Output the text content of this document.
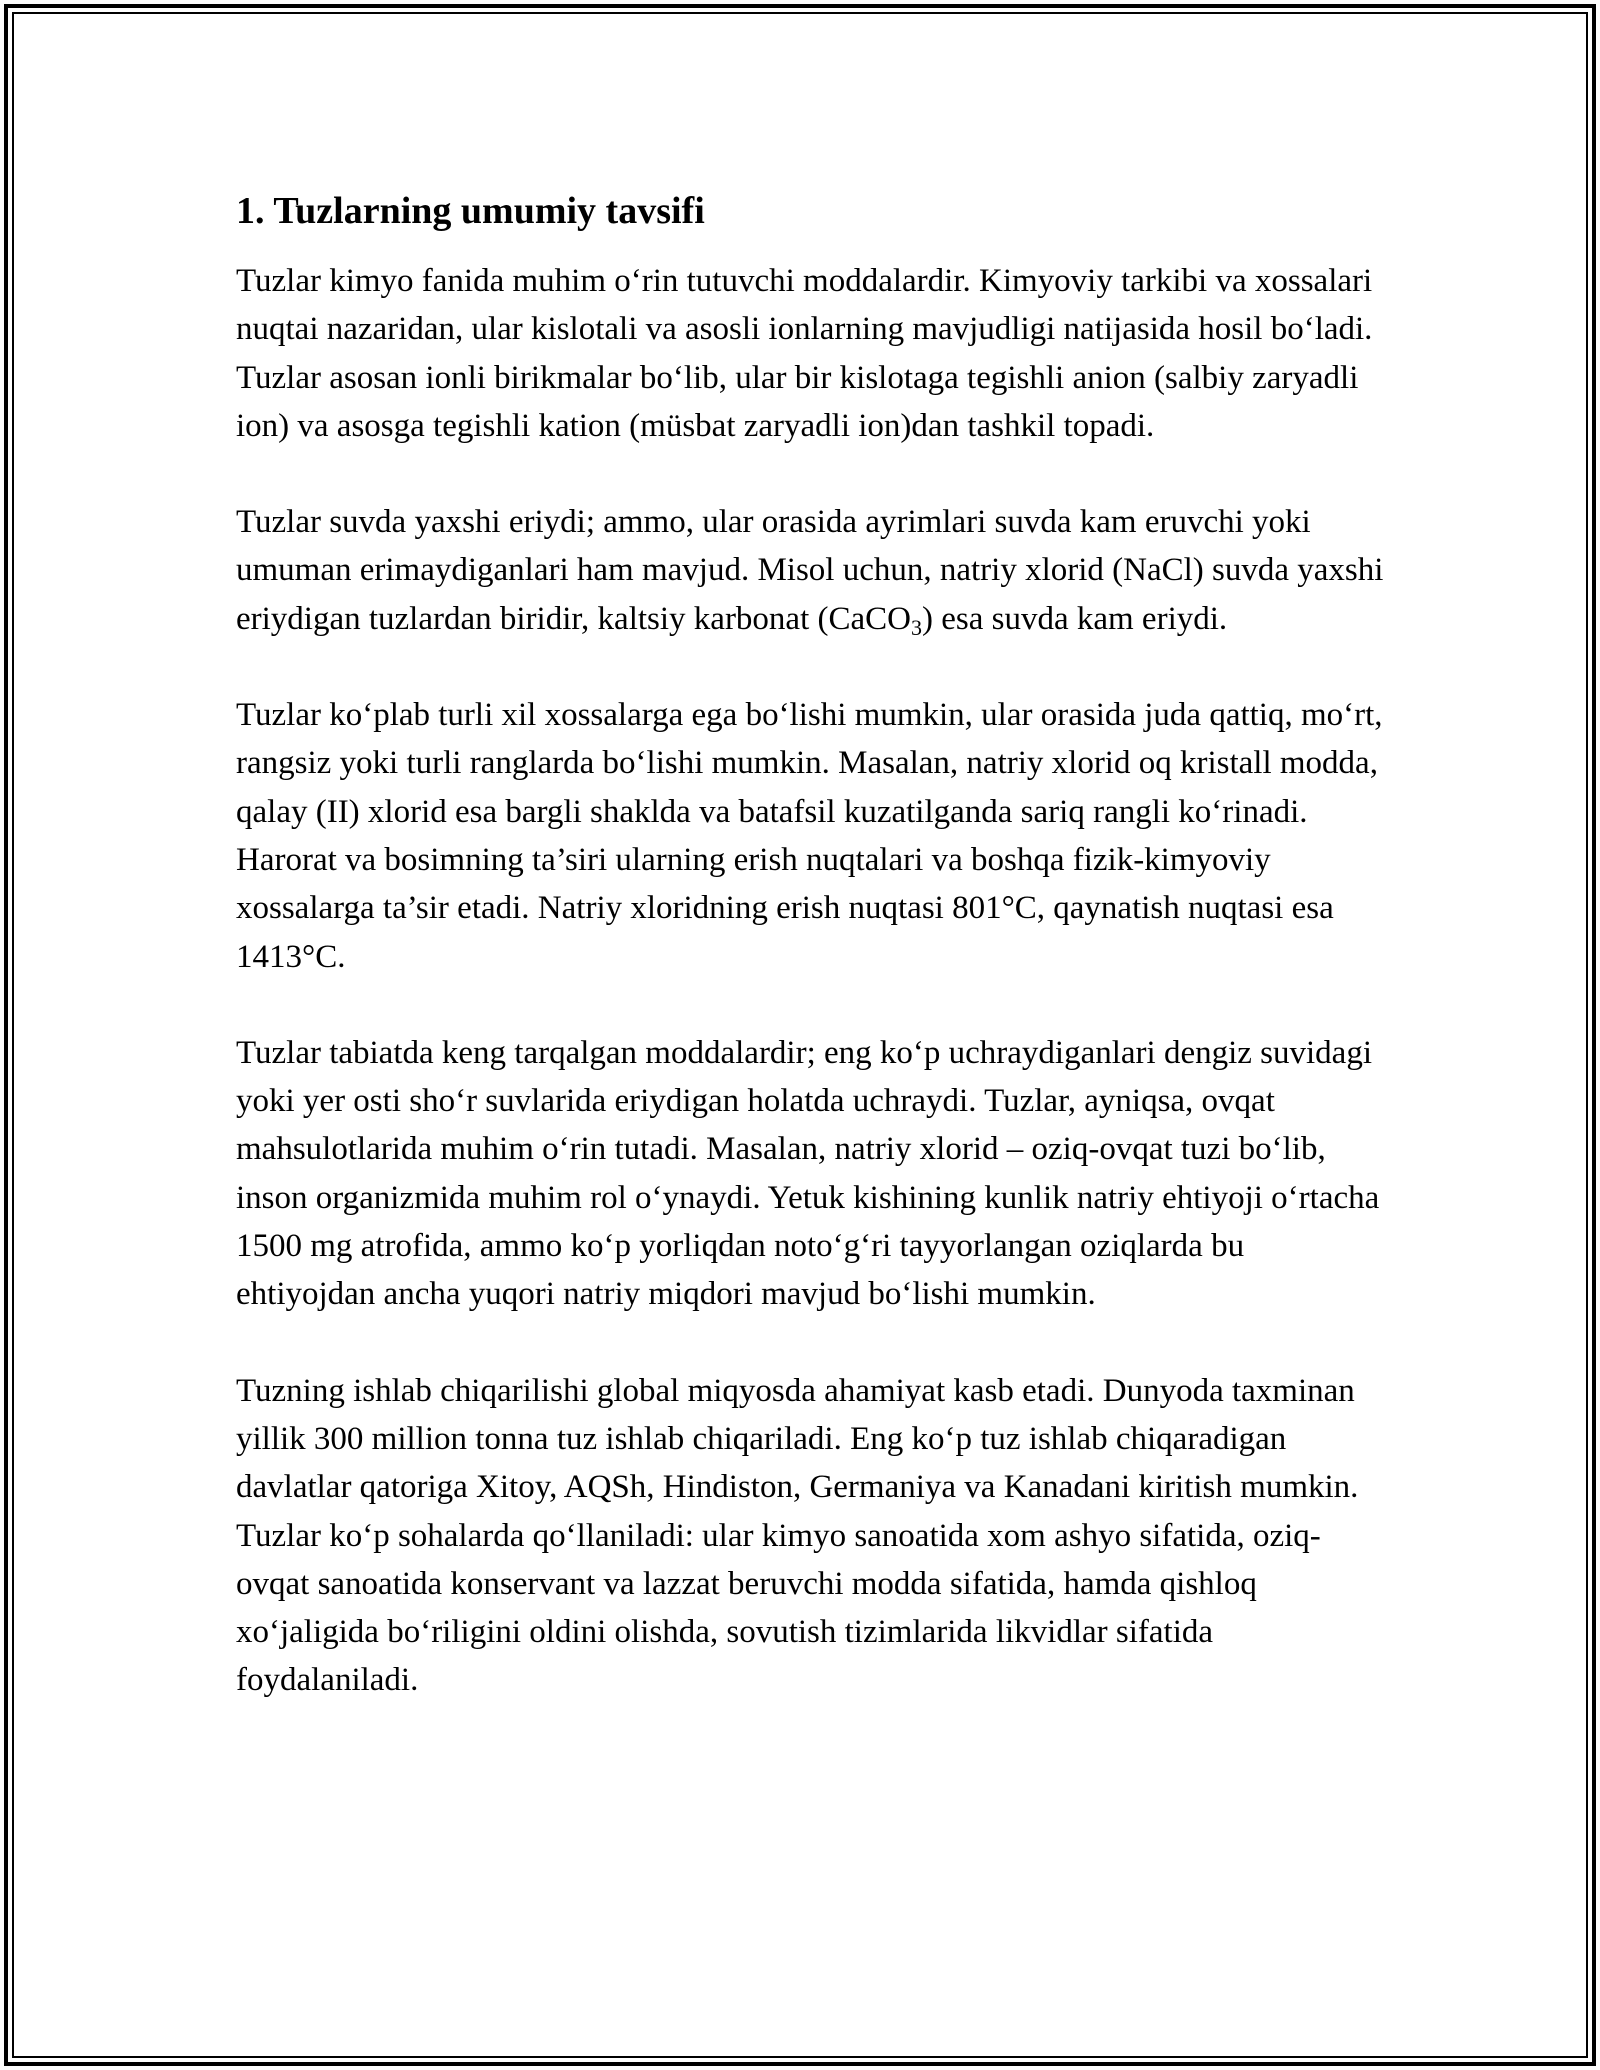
1. Tuzlarning umumiy tavsifi

Tuzlar kimyo fanida muhim o‘rin tutuvchi moddalardir. Kimyoviy tarkibi va xossalari nuqtai nazaridan, ular kislotali va asosli ionlarning mavjudligi natijasida hosil bo‘ladi. Tuzlar asosan ionli birikmalar bo‘lib, ular bir kislotaga tegishli anion (salbiy zaryadli ion) va asosga tegishli kation (müsbat zaryadli ion)dan tashkil topadi.

Tuzlar suvda yaxshi eriydi; ammo, ular orasida ayrimlari suvda kam eruvchi yoki umuman erimaydiganlari ham mavjud. Misol uchun, natriy xlorid (NaCl) suvda yaxshi eriydigan tuzlardan biridir, kaltsiy karbonat (CaCO$_3$) esa suvda kam eriydi.

Tuzlar ko‘plab turli xil xossalarga ega bo‘lishi mumkin, ular orasida juda qattiq, mo‘rt, rangsiz yoki turli ranglarda bo‘lishi mumkin. Masalan, natriy xlorid oq kristall modda, qalay (II) xlorid esa bargli shaklda va batafsil kuzatilganda sariq rangli ko‘rinadi. Harorat va bosimning ta’siri ularning erish nuqtalari va boshqa fizik-kimyoviy xossalarga ta’sir etadi. Natriy xloridning erish nuqtasi 801°C, qaynatish nuqtasi esa 1413°C.

Tuzlar tabiatda keng tarqalgan moddalardir; eng ko‘p uchraydiganlari dengiz suvidagi yoki yer osti sho‘r suvlarida eriydigan holatda uchraydi. Tuzlar, ayniqsa, ovqat mahsulotlarida muhim o‘rin tutadi. Masalan, natriy xlorid – oziq-ovqat tuzi bo‘lib, inson organizmida muhim rol o‘ynaydi. Yetuk kishining kunlik natriy ehtiyoji o‘rtacha 1500 mg atrofida, ammo ko‘p yorliqdan noto‘g‘ri tayyorlangan oziqlarda bu ehtiyojdan ancha yuqori natriy miqdori mavjud bo‘lishi mumkin.

Tuzning ishlab chiqarilishi global miqyosda ahamiyat kasb etadi. Dunyoda taxminan yillik 300 million tonna tuz ishlab chiqariladi. Eng ko‘p tuz ishlab chiqaradigan davlatlar qatoriga Xitoy, AQSh, Hindiston, Germaniya va Kanadani kiritish mumkin. Tuzlar ko‘p sohalarda qo‘llaniladi: ular kimyo sanoatida xom ashyo sifatida, oziq-ovqat sanoatida konservant va lazzat beruvchi modda sifatida, hamda qishloq xo‘jaligida bo‘riligini oldini olishda, sovutish tizimlarida likvidlar sifatida foydalaniladi.
